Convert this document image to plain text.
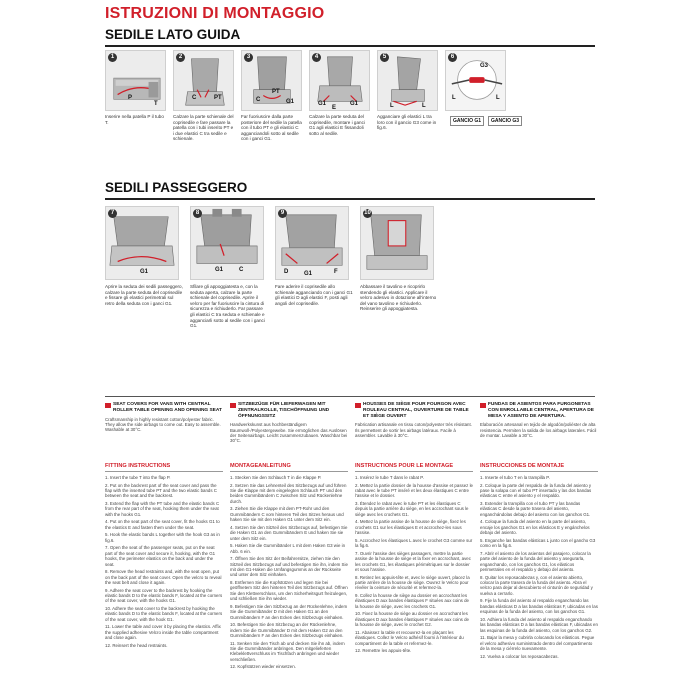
ISTRUZIONI DI MONTAGGIO
SEDILE LATO GUIDA
1
P
T
2
C	PT
3
C
PT
G1
4
G1
E
G1
5
L	L
6
G3
L	L
Inserire nella patella P il tubo T.
Calzare la parte schienale del coprisedile e fare passare la patella con i tubi inserito PT e i due elastici C tra sedile e schienale.
Far fuoriuscire dalla parte posteriore del sedile la patella con il tubo PT e gli elastici C agganciandoli sotto al sedile con i ganci G1.
Calzare la parte seduta del coprisedile, montare i ganci G1 agli elastici E fissandoli sotto al sedile.
Agganciare gli elastici L tra loro con il gancio G3 come in fig.6.
GANCIO G1	GANCIO G3
SEDILI PASSEGGERO
7
G1
8
G1	C
9
D	G1	F
10
Aprire la seduta dei sedili passeggero, calzare la parte seduta del coprisedile e fissare gli elastici perimetrali sul retro della seduta con i ganci G1.
Sfilare gli appoggiatesta e, con la seduta aperta, calzare la parte schienale del coprisedile. Aprire il velcro per far fuoriuscire la cintura di sicurezza e richiuderlo. Far passare gli elastici C tra seduta e schienale e agganciarli sotto al sedile con i ganci G1.
Fare aderire il coprisedile allo schienale agganciando con i ganci G1 gli elastici D agli elastici F, posti agli angoli del coprisedile.
Abbassare il tavolino e ricoprirlo stendendo gli elastici. Applicare il velcro adesivo in dotazione all'interno del vano tavolino e richiuderlo. Reinserire gli appoggiatesta.
SEAT COVERS FOR VANS WITH CENTRAL ROLLER TABLE OPENING AND OPENING SEAT
Craftsmanship in highly resistant cotton/polyester fabric. They allow the side airbags to come out. Easy to assemble. Washable at 30°C.
SITZBEZÜGE FÜR LIEFERWAGEN MIT ZENTRALROLLE, TISCHÖFFNUNG UND ÖFFNUNGSSITZ
Handwerkskunst aus hochbeständigem Baumwoll-/Polyestergewebe. Sie ermöglichen das Auslösen der Seitenairbags. Leicht zusammenzubauen. Waschbar bei 30°C.
HOUSSES DE SIÈGE POUR FOURGON AVEC ROULEAU CENTRAL, OUVERTURE DE TABLE ET SIÈGE OUVERT
Fabrication artisanale en tissu coton/polyester très résistant. Ils permettent de sortir les airbags latéraux. Facile à assembler. Lavable à 30°C.
FUNDAS DE ASIENTOS PARA FURGONETAS CON ENROLLABLE CENTRAL, APERTURA DE MESA Y ASIENTO DE APERTURA.
Elaboración artesanal en tejido de algodón/poliéster de alta resistencia. Permiten la salida de los airbags laterales. Fácil de montar. Lavable a 30°C.
FITTING INSTRUCTIONS
1. Insert the tube T into the flap P.
2. Put on the backrest part of the seat cover and pass the flap with the inserted tube PT and the two elastic bands C between the seat and the backrest.
3. Extend the flap with the PT tube and the elastic bands C from the rear part of the seat, hooking them under the seat with the hooks G1.
4. Put on the seat part of the seat cover, fit the hooks G1 to the elastics E and fasten them under the seat.
5. Hook the elastic bands L together with the hook G3 as in fig.6.
7. Open the seat of the passenger seats, put on the seat part of the seat cover and secure it, hooking, with the G1 hooks, the perimeter elastics on the back and under the seat.
8. Remove the head restraints and, with the seat open, put on the back part of the seat cover. Open the velcro to reveal the seat belt and close it again.
9. Adhere the seat cover to the backrest by hooking the elastic bands D to the elastic bands F, located at the corners of the seat cover, with the hooks G1.
10. Adhere the seat cover to the backrest by hooking the elastic bands D to the elastic bands F, located at the corners of the seat cover, with the hook G1.
11. Lower the table and cover it by placing the elastics. Affix the supplied adhesive Velcro inside the table compartment and close again.
12. Reinsert the head restraints.
MONTAGEANLEITUNG
1. Stecken Sie den Schlauch T in die Klappe P.
2. Setzen Sie das Lehnenteil des Sitzbezugs auf und führen Sie die Klappe mit dem eingelegten Schlauch PT und den beiden Gummibändern C zwischen Sitz und Rückenlehne durch.
3. Ziehen Sie die Klappe mit dem PT-Rohr und den Gummibändern C vom hinteren Teil des Sitzes heraus und haken Sie sie mit den Haken G1 unter dem Sitz ein.
4. Setzen Sie den Sitzteil des Sitzbezugs auf, befestigen Sie die Haken G1 an den Gummibändern E und haken Sie sie unter dem Sitz ein.
5. Haken Sie die Gummibänder L mit dem Haken G3 wie in Abb. 6 ein.
7. Öffnen Sie den Sitz der Beifahrersitze, ziehen Sie den Sitzteil des Sitzbezugs auf und befestigen Sie ihn, indem Sie mit den G1-Haken die Umfangsgummis an der Rückseite und unter dem Sitz einhaken.
8. Entfernen Sie die Kopfstützen und legen Sie bei geöffnetem Sitz den hinteren Teil des Sitzbezugs auf. Öffnen Sie den Klettverschluss, um den Sicherheitsgurt freizulegen, und schließen Sie ihn wieder.
9. Befestigen Sie den Sitzbezug an der Rückenlehne, indem Sie die Gummibänder D mit den Haken G1 an den Gummibändern F an den Ecken des Sitzbezugs einhaken.
10. Befestigen Sie den Sitzbezug an der Rückenlehne, indem Sie die Gummibänder D mit dem Haken G2 an den Gummibändern F an den Ecken des Sitzbezugs einhaken.
11. Senken Sie den Tisch ab und decken Sie ihn ab, indem Sie die Gummibänder anbringen. Den mitgelieferten Klebeklettverschluss im Tischfach anbringen und wieder verschließen.
12. Kopfstützen wieder einsetzen.
INSTRUCTIONS POUR LE MONTAGE
1. Insérez le tube T dans le rabat P.
2. Mettez la partie dossier de la housse d'assise et passez le rabat avec le tube PT inséré et les deux élastiques C entre l'assise et le dossier.
3. Étendez le rabat avec le tube PT et les élastiques C depuis la partie arrière du siège, en les accrochant sous le siège avec les crochets G1.
4. Mettez la partie assise de la housse de siège, fixez les crochets G1 sur les élastiques E et accrochez-les sous l'assise.
5. Accrochez les élastiques L avec le crochet G3 comme sur la fig.6.
7. Ouvrir l'assise des sièges passagers, mettre la partie assise de la housse de siège et la fixer en accrochant, avec les crochets G1, les élastiques périmétriques sur le dossier et sous l'assise.
8. Retirez les appuis-tête et, avec le siège ouvert, placez la partie arrière de la housse de siège. Ouvrez le Velcro pour révéler la ceinture de sécurité et refermez-la.
9. Collez la housse de siège au dossier en accrochant les élastiques D aux bandes élastiques F situées aux coins de la housse de siège, avec les crochets G1.
10. Fixez la housse de siège au dossier en accrochant les élastiques D aux bandes élastiques F situées aux coins de la housse de siège, avec le crochet G2.
11. Abaissez la table et recouvrez-la en plaçant les élastiques. Collez le Velcro adhésif fourni à l'intérieur du compartiment de la table et refermez-le.
12. Remettre les appuis-tête.
INSTRUCCIONES DE MONTAJE
1. Inserte el tubo T en la trampilla P.
2. Coloque la parte del respaldo de la funda del asiento y pase la solapa con el tubo PT insertado y las dos bandas elásticas C entre el asiento y el respaldo.
3. Extender la trampilla con el tubo PT y las bandas elásticas C desde la parte trasera del asiento, enganchándolas debajo del asiento con los ganchos G1.
4. Coloque la funda del asiento en la parte del asiento, encaje los ganchos G1 en los elásticos E y engánchelos debajo del asiento.
5. Enganche las bandas elásticas L junto con el gancho G3 como en la fig.6.
7. Abrir el asiento de los asientos del pasajero, colocar la parte del asiento de la funda del asiento y asegurarla, enganchando, con los ganchos G1, los elásticos perimetrales en el respaldo y debajo del asiento.
8. Quitar los reposacabezas y, con el asiento abierto, colocar la parte trasera de la funda del asiento. Abra el velcro para dejar al descubierto el cinturón de seguridad y vuelva a cerrarlo.
9. Fije la funda del asiento al respaldo enganchando las bandas elásticas D a las bandas elásticas F, ubicadas en las esquinas de la funda del asiento, con los ganchos G1.
10. Adhiera la funda del asiento al respaldo enganchando las bandas elásticas D a las bandas elásticas F, ubicadas en las esquinas de la funda del asiento, con los ganchos G2.
11. Bajar la mesa y cubrirla colocando los elásticos. Pegue el velcro adhesivo suministrado dentro del compartimento de la mesa y ciérrelo nuevamente.
12. Vuelva a colocar los reposacabezas.
